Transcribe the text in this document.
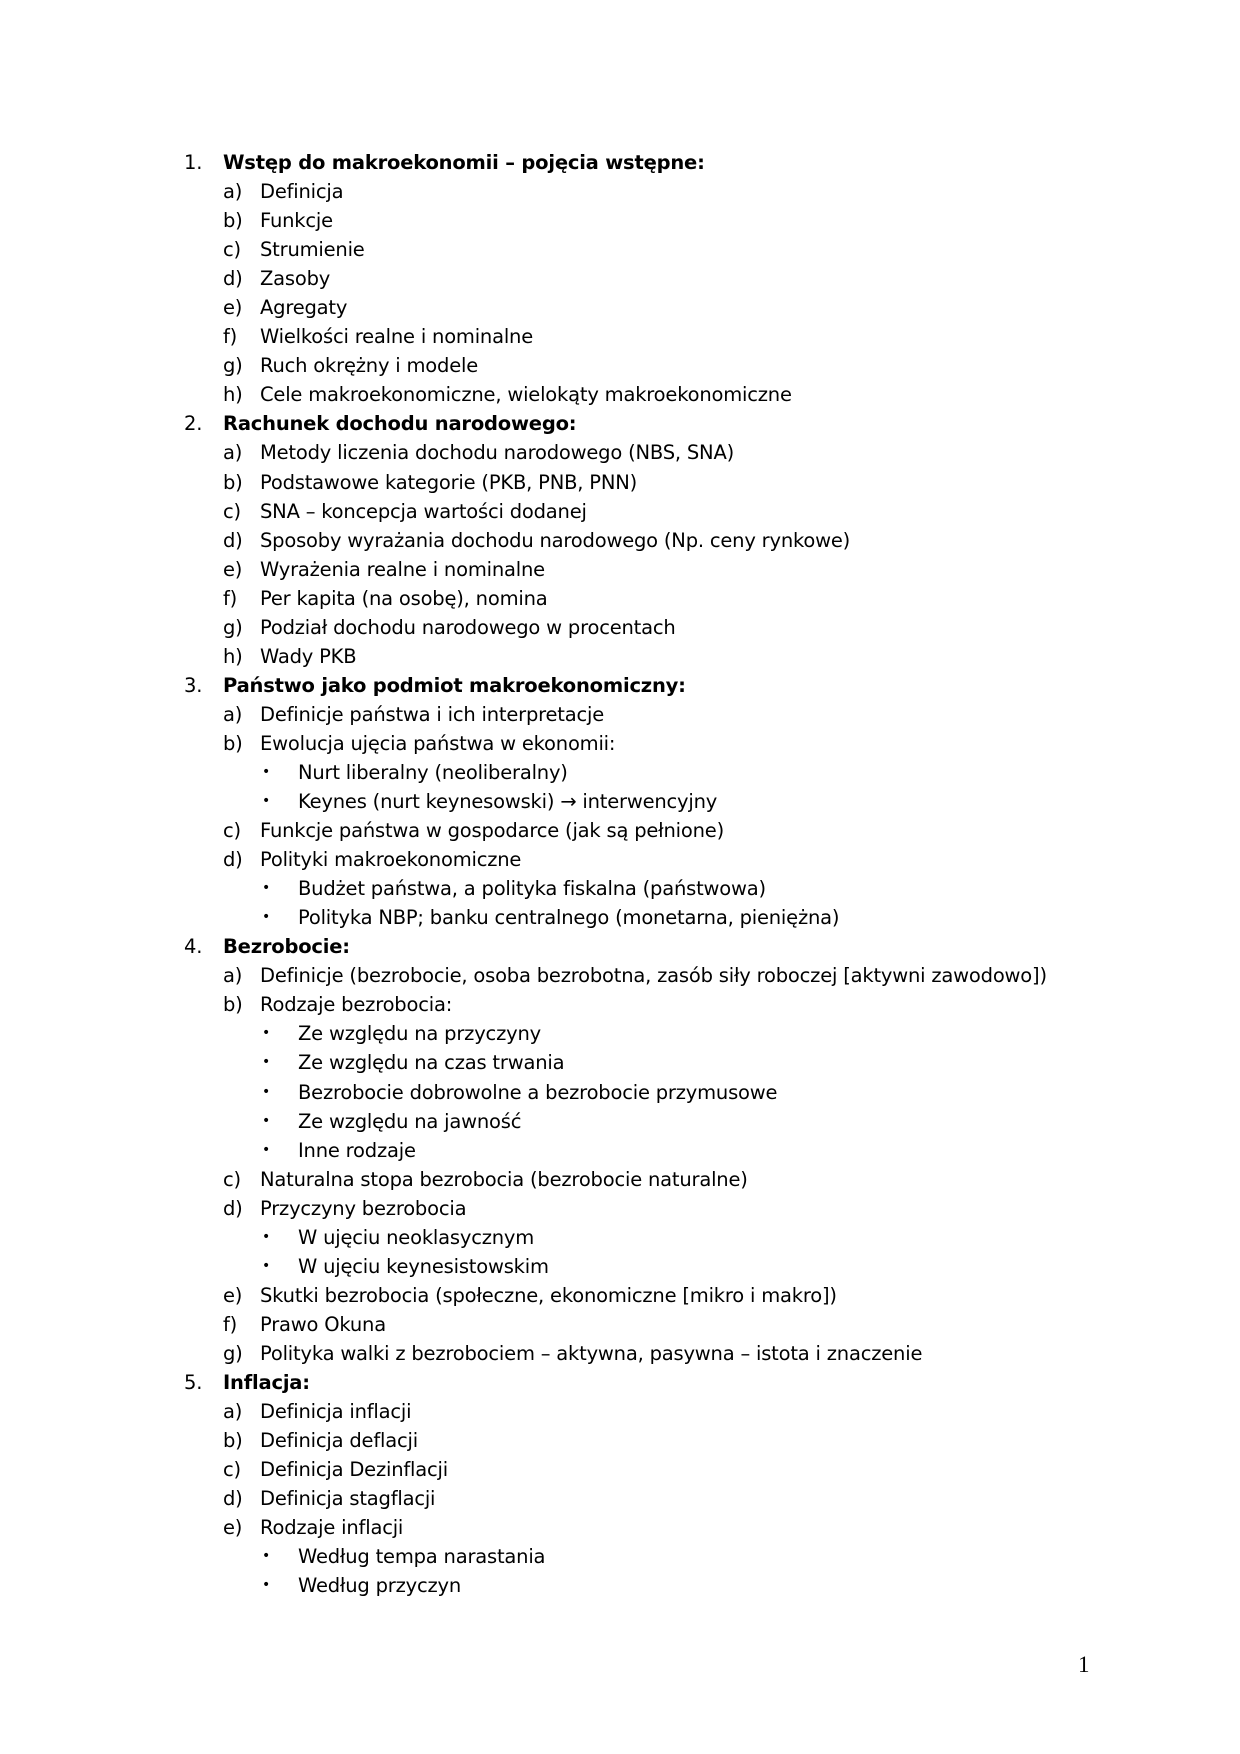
1. Wstęp do makroekonomii – pojęcia wstępne:
a) Definicja
b) Funkcje
c) Strumienie
d) Zasoby
e) Agregaty
f) Wielkości realne i nominalne
g) Ruch okrężny i modele
h) Cele makroekonomiczne, wielokąty makroekonomiczne
2. Rachunek dochodu narodowego:
a) Metody liczenia dochodu narodowego (NBS, SNA)
b) Podstawowe kategorie (PKB, PNB, PNN)
c) SNA – koncepcja wartości dodanej
d) Sposoby wyrażania dochodu narodowego (Np. ceny rynkowe)
e) Wyrażenia realne i nominalne
f) Per kapita (na osobę), nomina
g) Podział dochodu narodowego w procentach
h) Wady PKB
3. Państwo jako podmiot makroekonomiczny:
a) Definicje państwa i ich interpretacje
b) Ewolucja ujęcia państwa w ekonomii:
• Nurt liberalny (neoliberalny)
• Keynes (nurt keynesowski) → interwencyjny
c) Funkcje państwa w gospodarce (jak są pełnione)
d) Polityki makroekonomiczne
• Budżet państwa, a polityka fiskalna (państwowa)
• Polityka NBP; banku centralnego (monetarna, pieniężna)
4. Bezrobocie:
a) Definicje (bezrobocie, osoba bezrobotna, zasób siły roboczej [aktywni zawodowo])
b) Rodzaje bezrobocia:
• Ze względu na przyczyny
• Ze względu na czas trwania
• Bezrobocie dobrowolne a bezrobocie przymusowe
• Ze względu na jawność
• Inne rodzaje
c) Naturalna stopa bezrobocia (bezrobocie naturalne)
d) Przyczyny bezrobocia
• W ujęciu neoklasycznym
• W ujęciu keynesistowskim
e) Skutki bezrobocia (społeczne, ekonomiczne [mikro i makro])
f) Prawo Okuna
g) Polityka walki z bezrobociem – aktywna, pasywna – istota i znaczenie
5. Inflacja:
a) Definicja inflacji
b) Definicja deflacji
c) Definicja Dezinflacji
d) Definicja stagflacji
e) Rodzaje inflacji
• Według tempa narastania
• Według przyczyn
1
